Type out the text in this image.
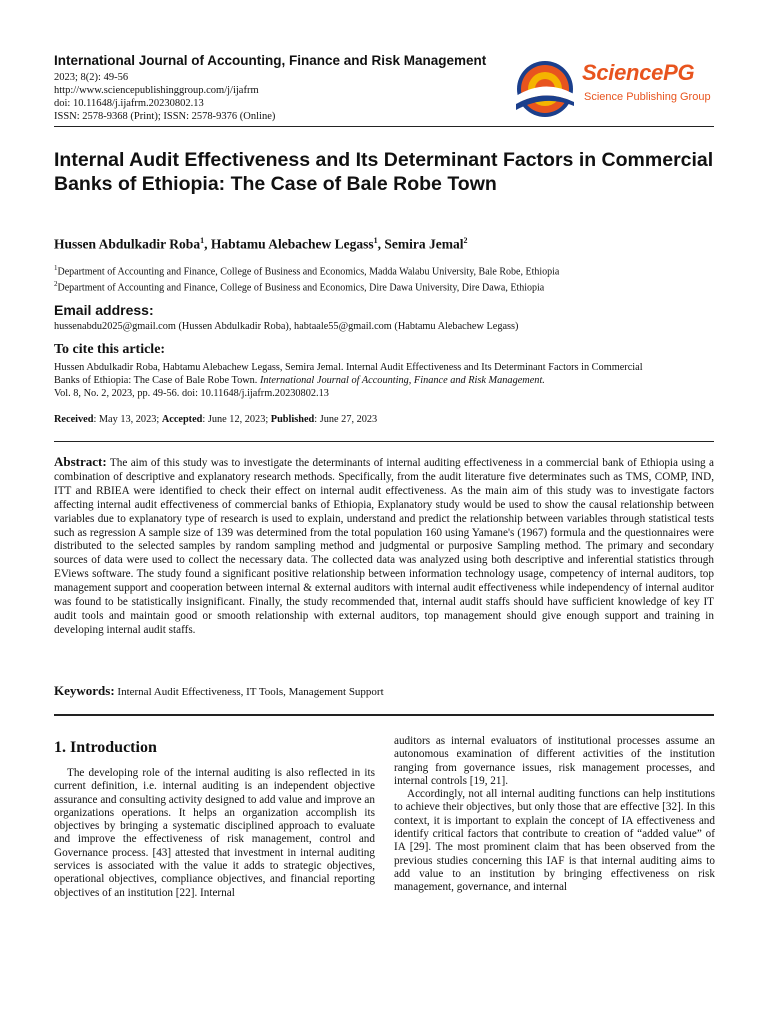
International Journal of Accounting, Finance and Risk Management
2023; 8(2): 49-56
http://www.sciencepublishinggroup.com/j/ijafrm
doi: 10.11648/j.ijafrm.20230802.13
ISSN: 2578-9368 (Print); ISSN: 2578-9376 (Online)
SciencePG
Science Publishing Group
Internal Audit Effectiveness and Its Determinant Factors in Commercial Banks of Ethiopia: The Case of Bale Robe Town
Hussen Abdulkadir Roba$^1$, Habtamu Alebachew Legass$^1$, Semira Jemal$^2$
$^1$Department of Accounting and Finance, College of Business and Economics, Madda Walabu University, Bale Robe, Ethiopia
$^2$Department of Accounting and Finance, College of Business and Economics, Dire Dawa University, Dire Dawa, Ethiopia
Email address:
hussenabdu2025@gmail.com (Hussen Abdulkadir Roba), habtaale55@gmail.com (Habtamu Alebachew Legass)
To cite this article:
Hussen Abdulkadir Roba, Habtamu Alebachew Legass, Semira Jemal. Internal Audit Effectiveness and Its Determinant Factors in Commercial
Banks of Ethiopia: The Case of Bale Robe Town. International Journal of Accounting, Finance and Risk Management.
Vol. 8, No. 2, 2023, pp. 49-56. doi: 10.11648/j.ijafrm.20230802.13
Received: May 13, 2023; Accepted: June 12, 2023; Published: June 27, 2023
Abstract: The aim of this study was to investigate the determinants of internal auditing effectiveness in a commercial bank of Ethiopia using a combination of descriptive and explanatory research methods. Specifically, from the audit literature five determinates such as TMS, COMP, IND, ITT and RBIEA were identified to check their effect on internal audit effectiveness. As the main aim of this study was to investigate factors affecting internal audit effectiveness of commercial banks of Ethiopia, Explanatory study would be used to show the causal relationship between variables due to explanatory type of research is used to explain, understand and predict the relationship between variables through statistical tests such as regression A sample size of 139 was determined from the total population 160 using Yamane's (1967) formula and the questionnaires were distributed to the selected samples by random sampling method and judgmental or purposive Sampling method. The primary and secondary sources of data were used to collect the necessary data. The collected data was analyzed using both descriptive and inferential statistics through EViews software. The study found a significant positive relationship between information technology usage, competency of internal auditors, top management support and cooperation between internal & external auditors with internal audit effectiveness while independency of internal auditor was found to be statistically insignificant. Finally, the study recommended that, internal audit staffs should have sufficient knowledge of key IT audit tools and maintain good or smooth relationship with external auditors, top management should give enough support and training in developing internal audit staffs.
Keywords: Internal Audit Effectiveness, IT Tools, Management Support
1. Introduction

The developing role of the internal auditing is also reflected in its current definition, i.e. internal auditing is an independent objective assurance and consulting activity designed to add value and improve an organizations operations. It helps an organization accomplish its objectives by bringing a systematic disciplined approach to evaluate and improve the effectiveness of risk management, control and Governance process. [43] attested that investment in internal auditing services is associated with the value it adds to strategic objectives, operational objectives, compliance objectives, and financial reporting objectives of an institution [22]. Internal

auditors as internal evaluators of institutional processes assume an autonomous examination of different activities of the institution ranging from governance issues, risk management processes, and internal controls [19, 21].

Accordingly, not all internal auditing functions can help institutions to achieve their objectives, but only those that are effective [32]. In this context, it is important to explain the concept of IA effectiveness and identify critical factors that contribute to creation of “added value” of IA [29]. The most prominent claim that has been observed from the previous studies concerning this IAF is that internal auditing aims to add value to an institution by bringing effectiveness on risk management, governance, and internal
